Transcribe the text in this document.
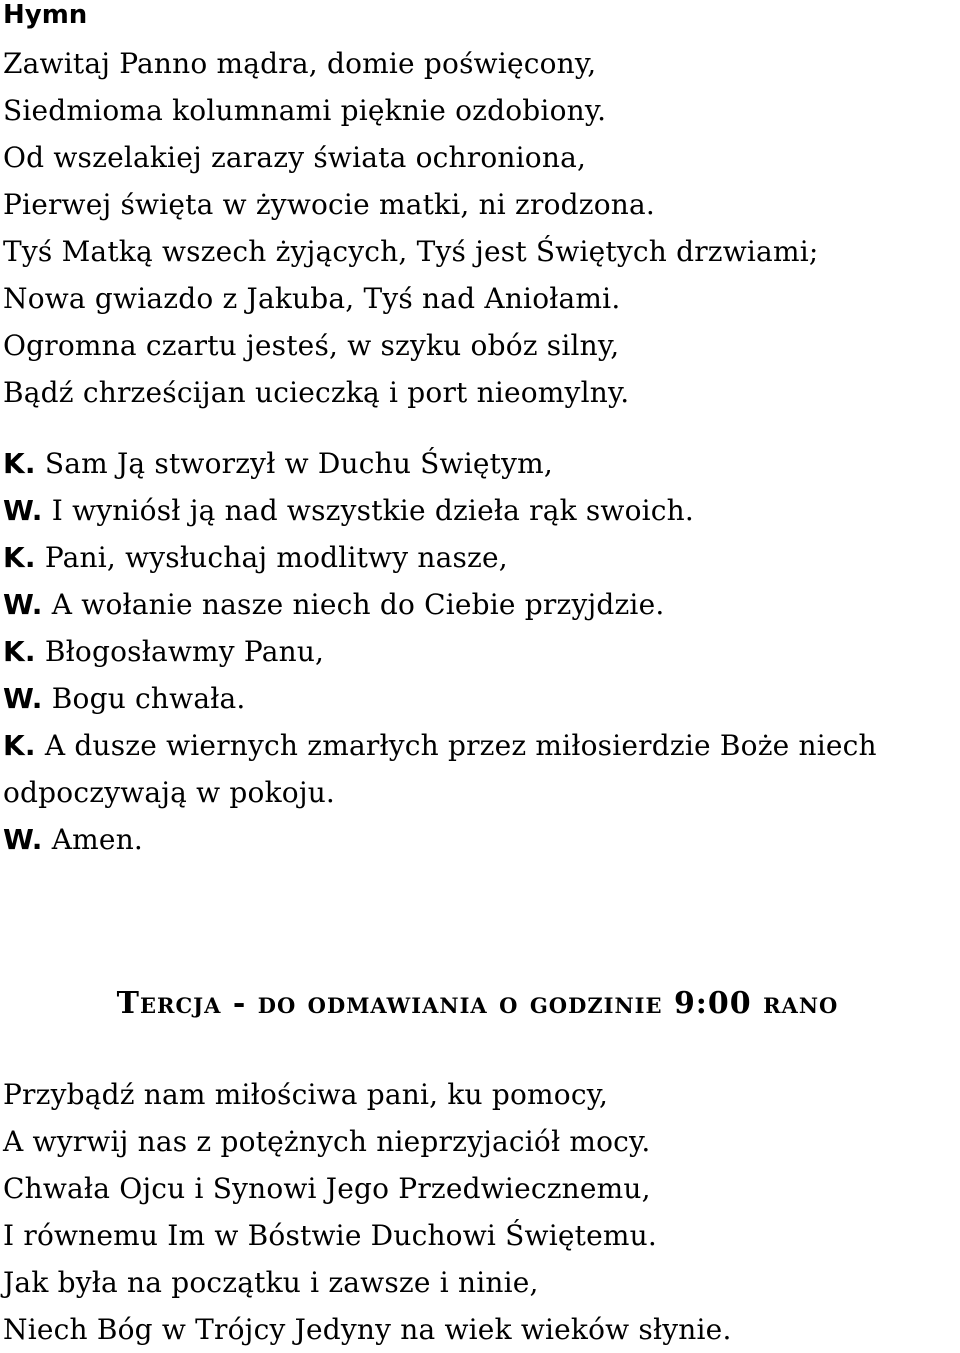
Hymn
Zawitaj Panno mądra, domie poświęcony,
Siedmioma kolumnami pięknie ozdobiony.
Od wszelakiej zarazy świata ochroniona,
Pierwej święta w żywocie matki, ni zrodzona.
Tyś Matką wszech żyjących, Tyś jest Świętych drzwiami;
Nowa gwiazdo z Jakuba, Tyś nad Aniołami.
Ogromna czartu jesteś, w szyku obóz silny,
Bądź chrześcijan ucieczką i port nieomylny.
K. Sam Ją stworzył w Duchu Świętym,
W. I wyniósł ją nad wszystkie dzieła rąk swoich.
K. Pani, wysłuchaj modlitwy nasze,
W. A wołanie nasze niech do Ciebie przyjdzie.
K. Błogosławmy Panu,
W. Bogu chwała.
K. A dusze wiernych zmarłych przez miłosierdzie Boże niech
odpoczywają w pokoju.
W. Amen.
Tercja - do odmawiania o godzinie 9:00 rano
Przybądź nam miłościwa pani, ku pomocy,
A wyrwij nas z potężnych nieprzyjaciół mocy.
Chwała Ojcu i Synowi Jego Przedwiecznemu,
I równemu Im w Bóstwie Duchowi Świętemu.
Jak była na początku i zawsze i ninie,
Niech Bóg w Trójcy Jedyny na wiek wieków słynie.
